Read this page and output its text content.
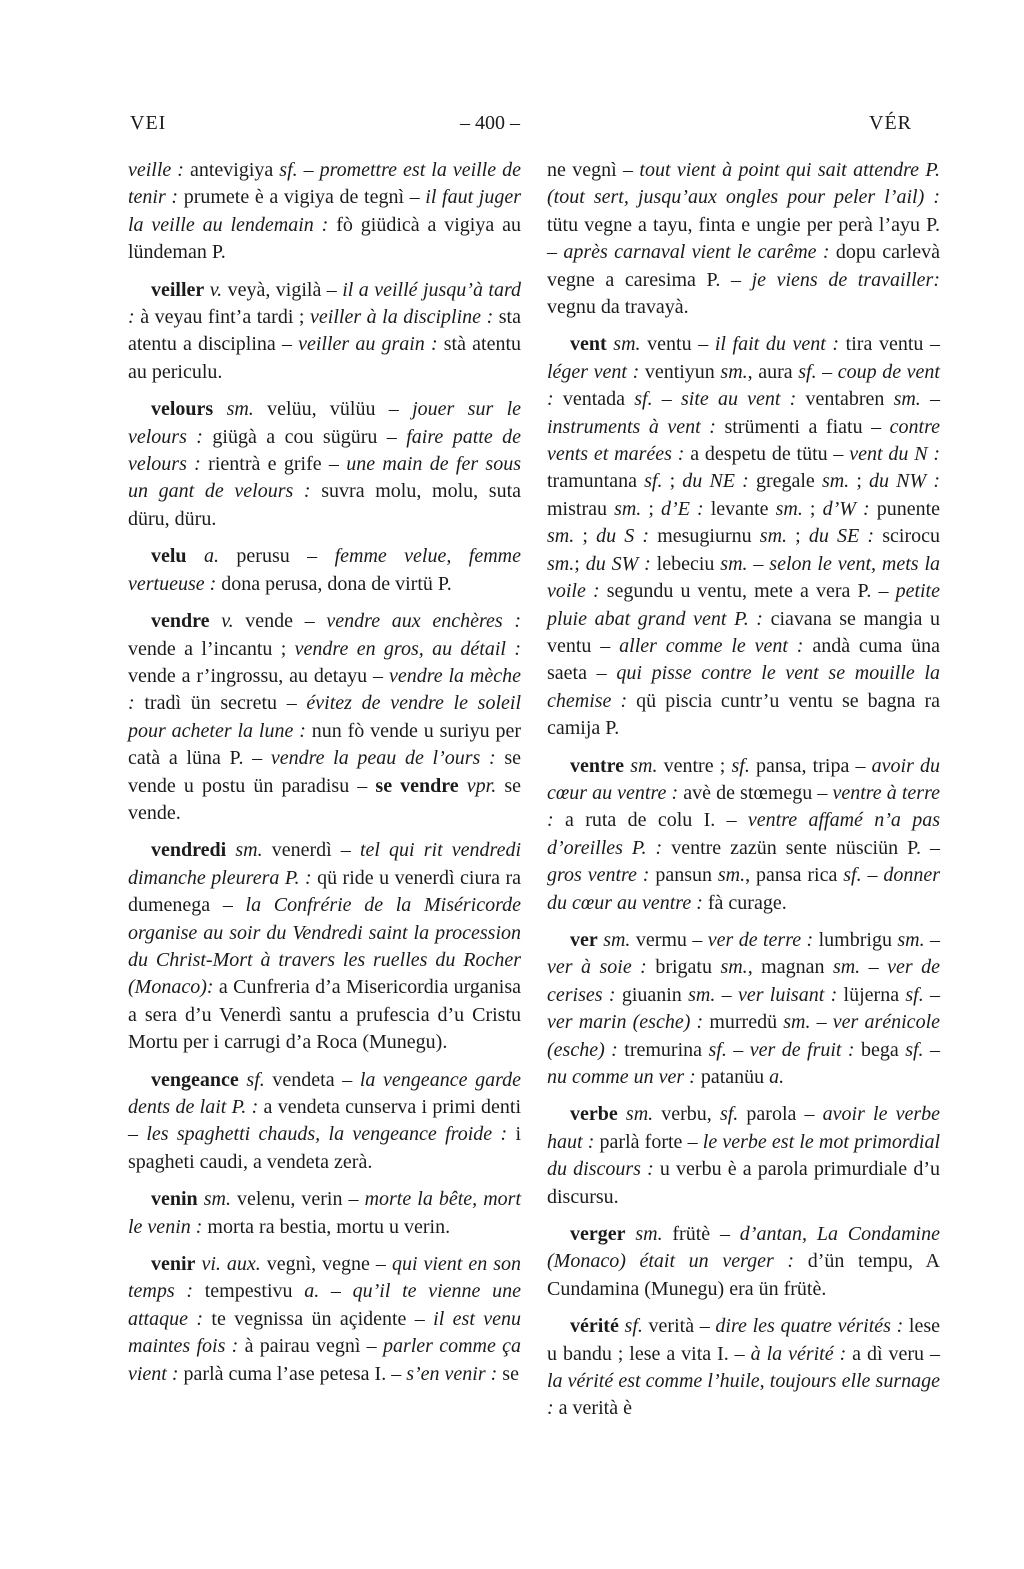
VEI	– 400 –	VÉR

veille : antevigiya sf. – promettre est la veille de tenir : prumete è a vigiya de tegnì – il faut juger la veille au lendemain : fò giüdicà a vigiya au lündeman P.

veiller v. veyà, vigilà – il a veillé jusqu’à tard : à veyau fint’a tardi ; veiller à la discipline : sta atentu a disciplina – veiller au grain : stà atentu au periculu.

velours sm. velüu, vülüu – jouer sur le velours : giügà a cou sügüru – faire patte de velours : rientrà e grife – une main de fer sous un gant de velours : suvra molu, molu, suta düru, düru.

velu a. perusu – femme velue, femme vertueuse : dona perusa, dona de virtü P.

vendre v. vende – vendre aux enchères : vende a l’incantu ; vendre en gros, au détail : vende a r’ingrossu, au detayu – vendre la mèche : tradì ün secretu – évitez de vendre le soleil pour acheter la lune : nun fò vende u suriyu per catà a lüna P. – vendre la peau de l’ours : se vende u postu ün paradisu – se vendre vpr. se vende.

vendredi sm. venerdì – tel qui rit vendredi dimanche pleurera P. : qü ride u venerdì ciura ra dumenega – la Confrérie de la Miséricorde organise au soir du Vendredi saint la procession du Christ-Mort à travers les ruelles du Rocher (Monaco): a Cunfreria d’a Misericordia urganisa a sera d’u Venerdì santu a prufescia d’u Cristu Mortu per i carrugi d’a Roca (Munegu).

vengeance sf. vendeta – la vengeance garde dents de lait P. : a vendeta cunserva i primi denti – les spaghetti chauds, la vengeance froide : i spagheti caudi, a vendeta zerà.

venin sm. velenu, verin – morte la bête, mort le venin : morta ra bestia, mortu u verin.

venir vi. aux. vegnì, vegne – qui vient en son temps : tempestivu a. – qu’il te vienne une attaque : te vegnissa ün açidente – il est venu maintes fois : à pairau vegnì – parler comme ça vient : parlà cuma l’ase petesa I. – s’en venir : se

ne vegnì – tout vient à point qui sait attendre P. (tout sert, jusqu’aux ongles pour peler l’ail) : tütu vegne a tayu, finta e ungie per perà l’ayu P. – après carnaval vient le carême : dopu carlevà vegne a caresima P. – je viens de travailler: vegnu da travayà.

vent sm. ventu – il fait du vent : tira ventu – léger vent : ventiyun sm., aura sf. – coup de vent : ventada sf. – site au vent : ventabren sm. – instruments à vent : strümenti a fiatu – contre vents et marées : a despetu de tütu – vent du N : tramuntana sf. ; du NE : gregale sm. ; du NW : mistrau sm. ; d’E : levante sm. ; d’W : punente sm. ; du S : mesugiurnu sm. ; du SE : scirocu sm.; du SW : lebeciu sm. – selon le vent, mets la voile : segundu u ventu, mete a vera P. – petite pluie abat grand vent P. : ciavana se mangia u ventu – aller comme le vent : andà cuma üna saeta – qui pisse contre le vent se mouille la chemise : qü piscia cuntr’u ventu se bagna ra camija P.

ventre sm. ventre ; sf. pansa, tripa – avoir du cœur au ventre : avè de stœmegu – ventre à terre : a ruta de colu I. – ventre affamé n’a pas d’oreilles P. : ventre zazün sente nüsciün P. – gros ventre : pansun sm., pansa rica sf. – donner du cœur au ventre : fà curage.

ver sm. vermu – ver de terre : lumbrigu sm. – ver à soie : brigatu sm., magnan sm. – ver de cerises : giuanin sm. – ver luisant : lüjerna sf. – ver marin (esche) : murredü sm. – ver arénicole (esche) : tremurina sf. – ver de fruit : bega sf. – nu comme un ver : patanüu a.

verbe sm. verbu, sf. parola – avoir le verbe haut : parlà forte – le verbe est le mot primordial du discours : u verbu è a parola primurdiale d’u discursu.

verger sm. frütè – d’antan, La Condamine (Monaco) était un verger : d’ün tempu, A Cundamina (Munegu) era ün frütè.

vérité sf. verità – dire les quatre vérités : lese u bandu ; lese a vita I. – à la vérité : a dì veru – la vérité est comme l’huile, toujours elle surnage : a verità è
